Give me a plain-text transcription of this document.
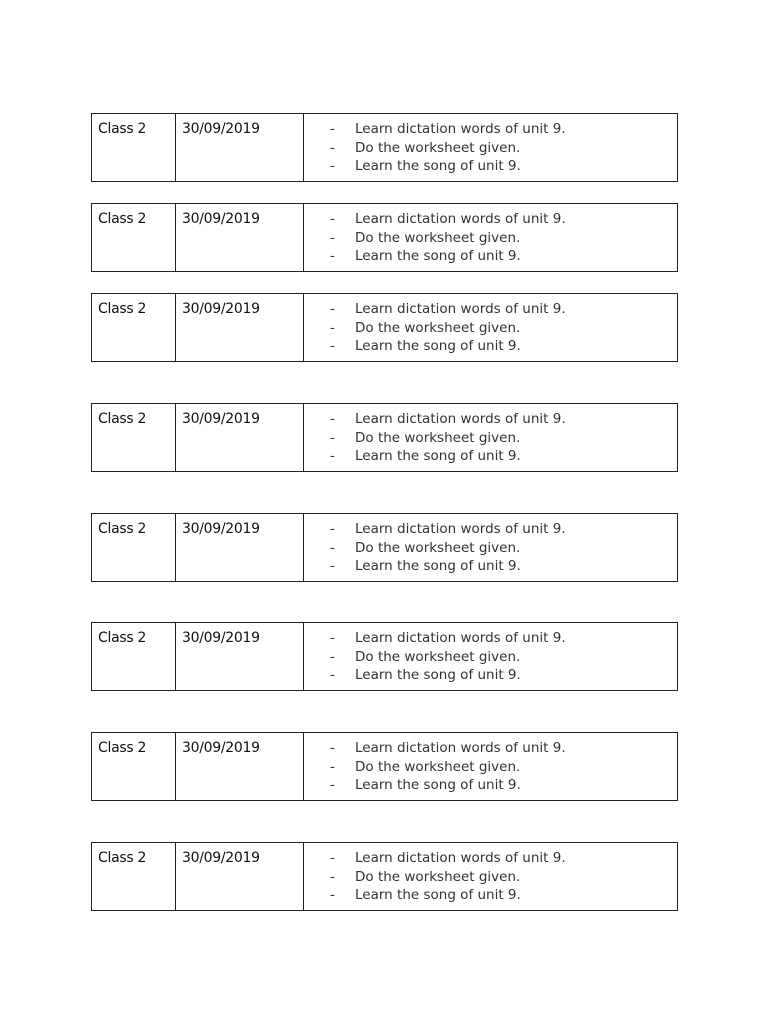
Class 2	30/09/2019	-	Learn dictation words of unit 9.
-	Do the worksheet given.
-	Learn the song of unit 9.
Class 2	30/09/2019	-	Learn dictation words of unit 9.
-	Do the worksheet given.
-	Learn the song of unit 9.
Class 2	30/09/2019	-	Learn dictation words of unit 9.
-	Do the worksheet given.
-	Learn the song of unit 9.
Class 2	30/09/2019	-	Learn dictation words of unit 9.
-	Do the worksheet given.
-	Learn the song of unit 9.
Class 2	30/09/2019	-	Learn dictation words of unit 9.
-	Do the worksheet given.
-	Learn the song of unit 9.
Class 2	30/09/2019	-	Learn dictation words of unit 9.
-	Do the worksheet given.
-	Learn the song of unit 9.
Class 2	30/09/2019	-	Learn dictation words of unit 9.
-	Do the worksheet given.
-	Learn the song of unit 9.
Class 2	30/09/2019	-	Learn dictation words of unit 9.
-	Do the worksheet given.
-	Learn the song of unit 9.
